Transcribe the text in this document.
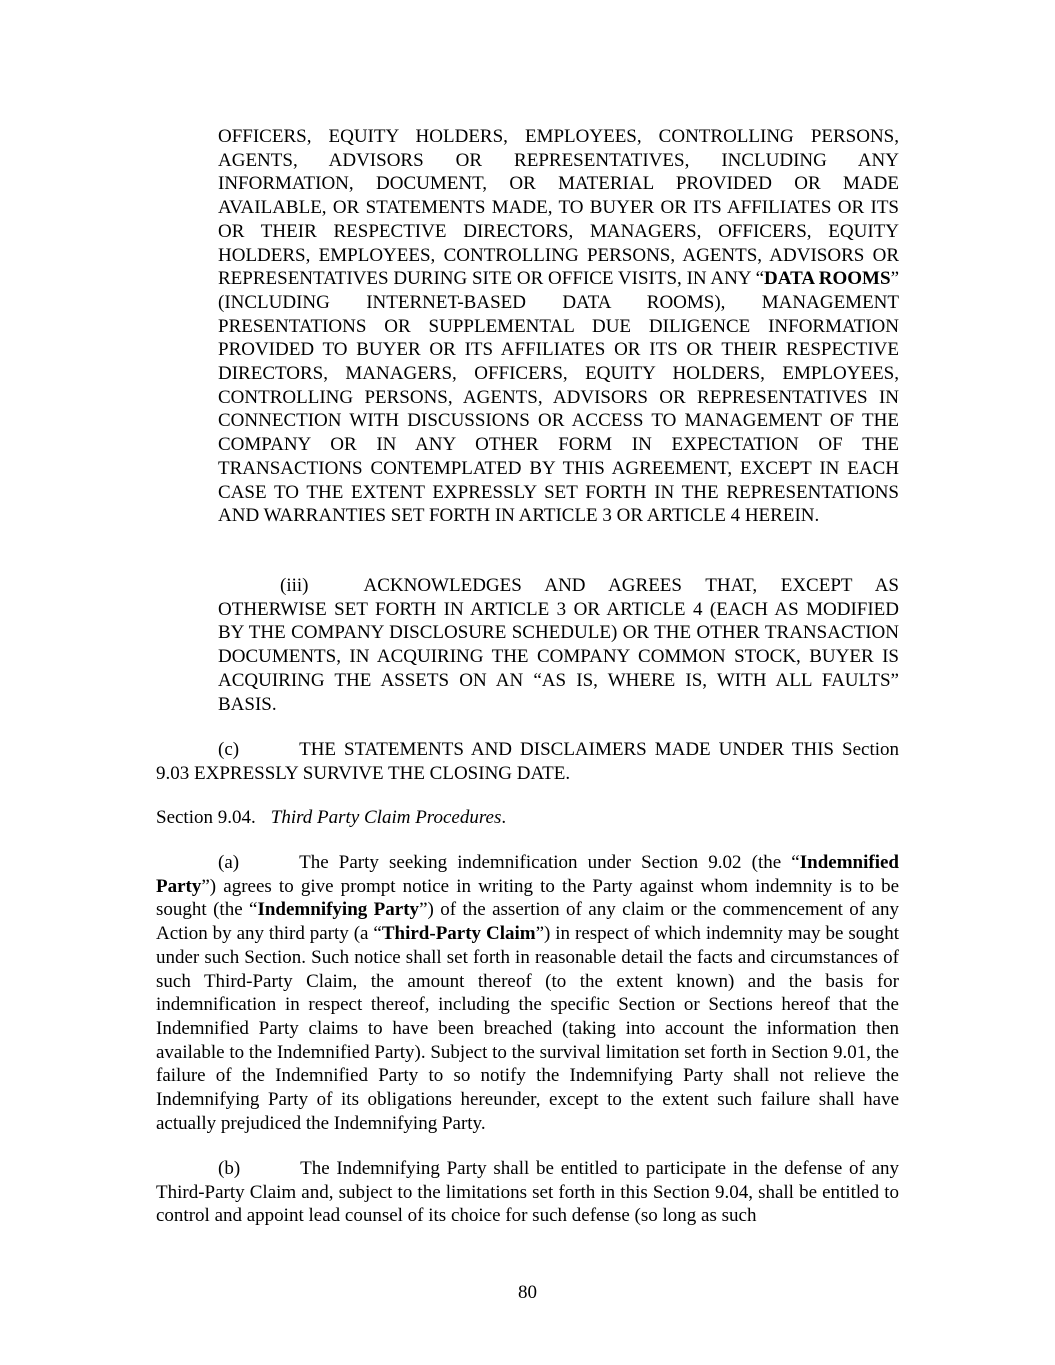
OFFICERS, EQUITY HOLDERS, EMPLOYEES, CONTROLLING PERSONS, AGENTS, ADVISORS OR REPRESENTATIVES, INCLUDING ANY INFORMATION, DOCUMENT, OR MATERIAL PROVIDED OR MADE AVAILABLE, OR STATEMENTS MADE, TO BUYER OR ITS AFFILIATES OR ITS OR THEIR RESPECTIVE DIRECTORS, MANAGERS, OFFICERS, EQUITY HOLDERS, EMPLOYEES, CONTROLLING PERSONS, AGENTS, ADVISORS OR REPRESENTATIVES DURING SITE OR OFFICE VISITS, IN ANY “DATA ROOMS” (INCLUDING INTERNET-BASED DATA ROOMS), MANAGEMENT PRESENTATIONS OR SUPPLEMENTAL DUE DILIGENCE INFORMATION PROVIDED TO BUYER OR ITS AFFILIATES OR ITS OR THEIR RESPECTIVE DIRECTORS, MANAGERS, OFFICERS, EQUITY HOLDERS, EMPLOYEES, CONTROLLING PERSONS, AGENTS, ADVISORS OR REPRESENTATIVES IN CONNECTION WITH DISCUSSIONS OR ACCESS TO MANAGEMENT OF THE COMPANY OR IN ANY OTHER FORM IN EXPECTATION OF THE TRANSACTIONS CONTEMPLATED BY THIS AGREEMENT, EXCEPT IN EACH CASE TO THE EXTENT EXPRESSLY SET FORTH IN THE REPRESENTATIONS AND WARRANTIES SET FORTH IN ARTICLE 3 OR ARTICLE 4 HEREIN.

(iii)	ACKNOWLEDGES AND AGREES THAT, EXCEPT AS OTHERWISE SET FORTH IN ARTICLE 3 OR ARTICLE 4 (EACH AS MODIFIED BY THE COMPANY DISCLOSURE SCHEDULE) OR THE OTHER TRANSACTION DOCUMENTS, IN ACQUIRING THE COMPANY COMMON STOCK, BUYER IS ACQUIRING THE ASSETS ON AN “AS IS, WHERE IS, WITH ALL FAULTS” BASIS.

(c)	THE STATEMENTS AND DISCLAIMERS MADE UNDER THIS Section 9.03 EXPRESSLY SURVIVE THE CLOSING DATE.

Section 9.04. Third Party Claim Procedures.

(a)	The Party seeking indemnification under Section 9.02 (the “Indemnified Party”) agrees to give prompt notice in writing to the Party against whom indemnity is to be sought (the “Indemnifying Party”) of the assertion of any claim or the commencement of any Action by any third party (a “Third-Party Claim”) in respect of which indemnity may be sought under such Section. Such notice shall set forth in reasonable detail the facts and circumstances of such Third-Party Claim, the amount thereof (to the extent known) and the basis for indemnification in respect thereof, including the specific Section or Sections hereof that the Indemnified Party claims to have been breached (taking into account the information then available to the Indemnified Party). Subject to the survival limitation set forth in Section 9.01, the failure of the Indemnified Party to so notify the Indemnifying Party shall not relieve the Indemnifying Party of its obligations hereunder, except to the extent such failure shall have actually prejudiced the Indemnifying Party.

(b)	The Indemnifying Party shall be entitled to participate in the defense of any Third-Party Claim and, subject to the limitations set forth in this Section 9.04, shall be entitled to control and appoint lead counsel of its choice for such defense (so long as such

80
